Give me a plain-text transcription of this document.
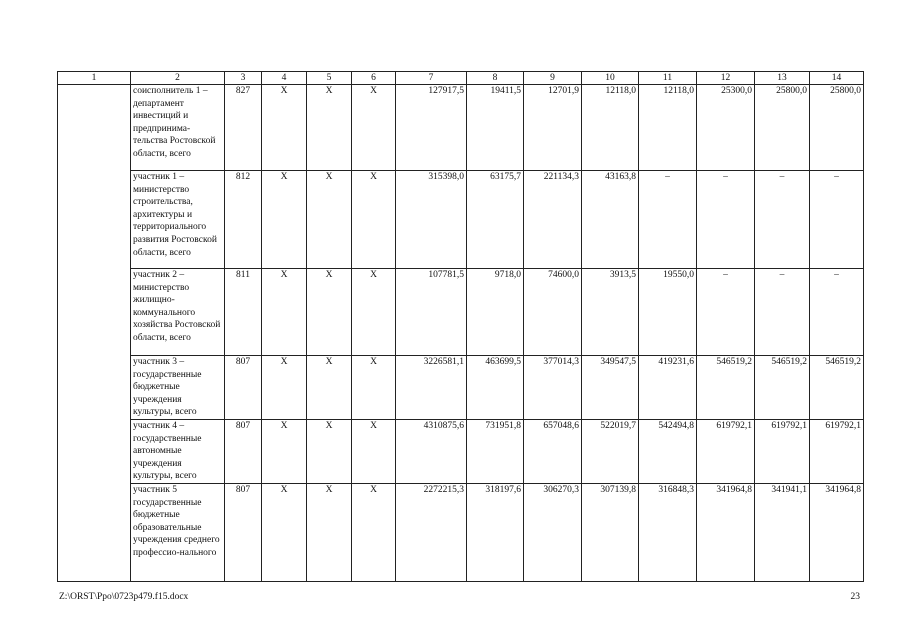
1	2	3	4	5	6	7	8	9	10	11	12	13	14
	соисполнитель 1 – департамент инвестиций и предпринима-тельства Ростовской области, всего	827	Х	Х	Х	127917,5	19411,5	12701,9	12118,0	12118,0	25300,0	25800,0	25800,0
	участник 1 – министерство строительства, архитектуры и территориального развития Ростовской области, всего	812	Х	Х	Х	315398,0	63175,7	221134,3	43163,8	–	–	–	–
	участник 2 – министерство жилищно-коммунального хозяйства Ростовской области, всего	811	Х	Х	Х	107781,5	9718,0	74600,0	3913,5	19550,0	–	–	–
	участник 3 – государственные бюджетные учреждения культуры, всего	807	Х	Х	Х	3226581,1	463699,5	377014,3	349547,5	419231,6	546519,2	546519,2	546519,2
	участник 4 – государственные автономные учреждения культуры, всего	807	Х	Х	Х	4310875,6	731951,8	657048,6	522019,7	542494,8	619792,1	619792,1	619792,1
	участник 5 государственные бюджетные образовательные учреждения среднего профессио-нального	807	Х	Х	Х	2272215,3	318197,6	306270,3	307139,8	316848,3	341964,8	341941,1	341964,8
Z:\ORST\Ppo\0723p479.f15.docx	23
